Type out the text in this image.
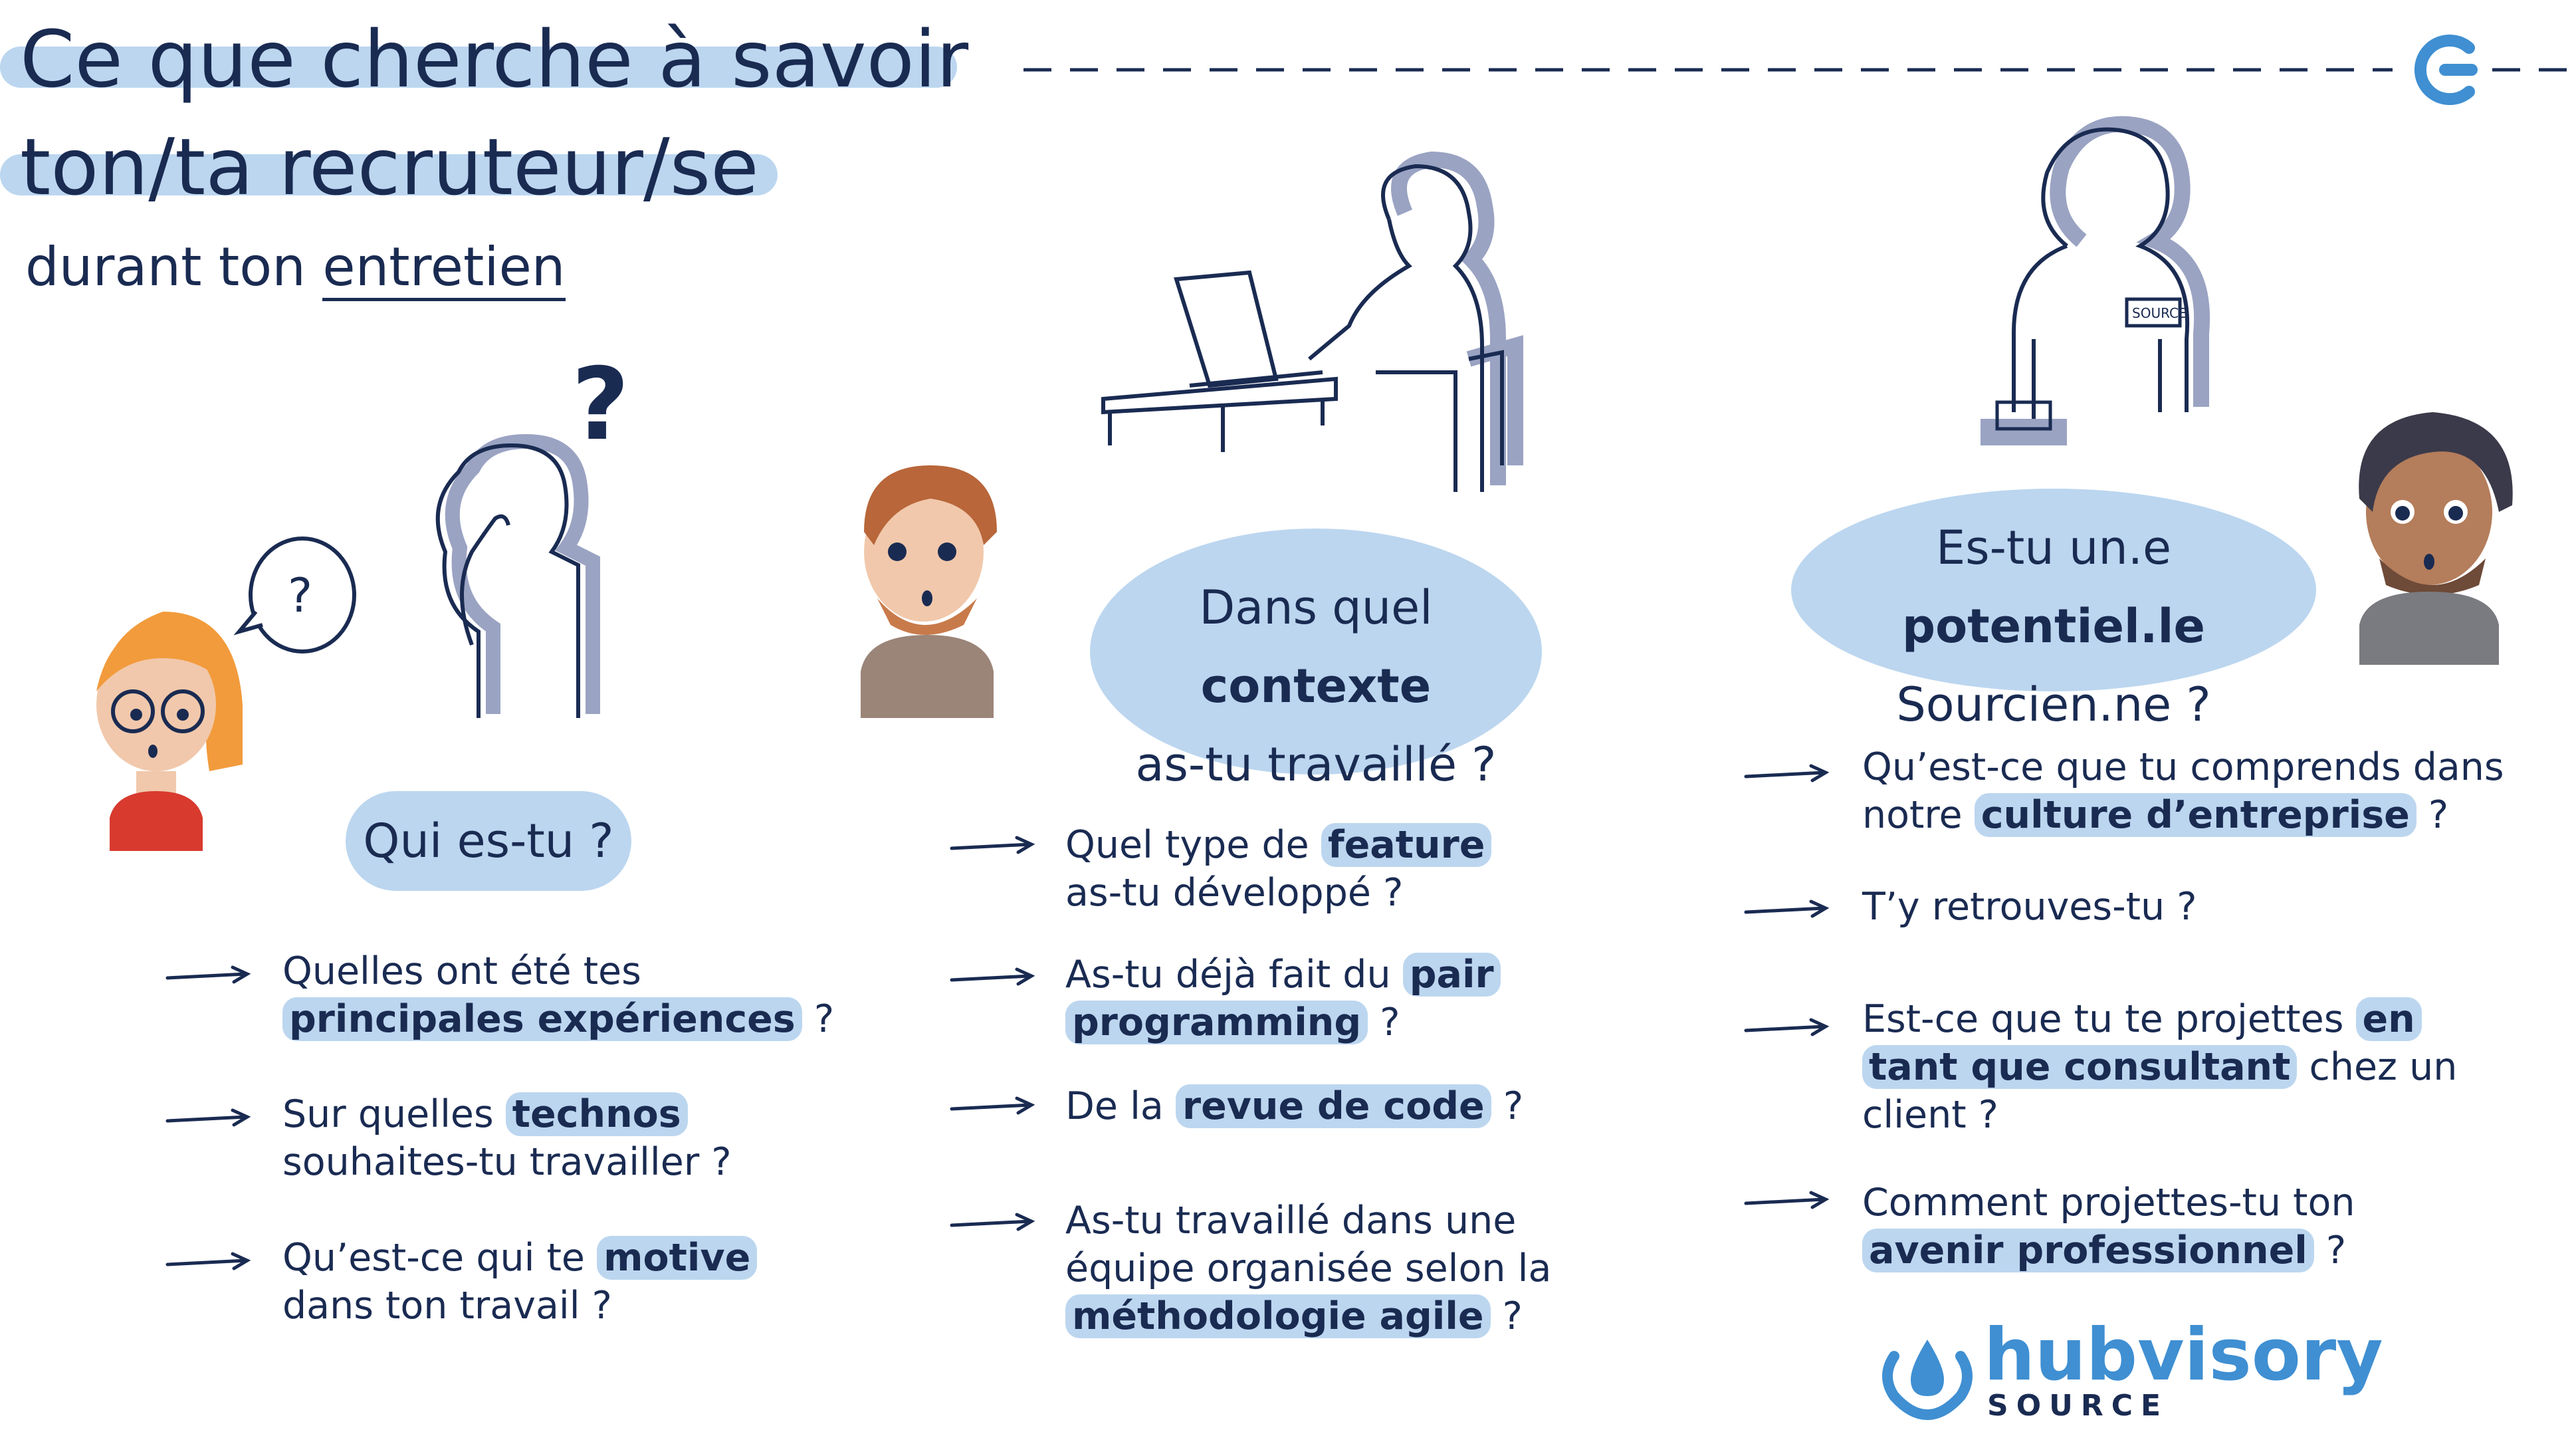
Ce que cherche à savoir
ton/ta recruteur/se
durant ton entretien
?
?
Qui es-tu ?
Dans quel contexte
as-tu travaillé ?
SOURCE
Es-tu un.e potentiel.le
Sourcien.ne ?
Quelles ont été tes
principales expériences ?
Sur quelles technos
souhaites-tu travailler ?
Qu’est-ce qui te motive
dans ton travail ?
Quel type de feature
as-tu développé ?
As-tu déjà fait du pair
programming ?
De la revue de code ?
As-tu travaillé dans une
équipe organisée selon la
méthodologie agile ?
Qu’est-ce que tu comprends dans
notre culture d’entreprise ?
T’y retrouves-tu ?
Est-ce que tu te projettes en
tant que consultant chez un
client ?
Comment projettes-tu ton
avenir professionnel ?
hubvisory
SOURCE
